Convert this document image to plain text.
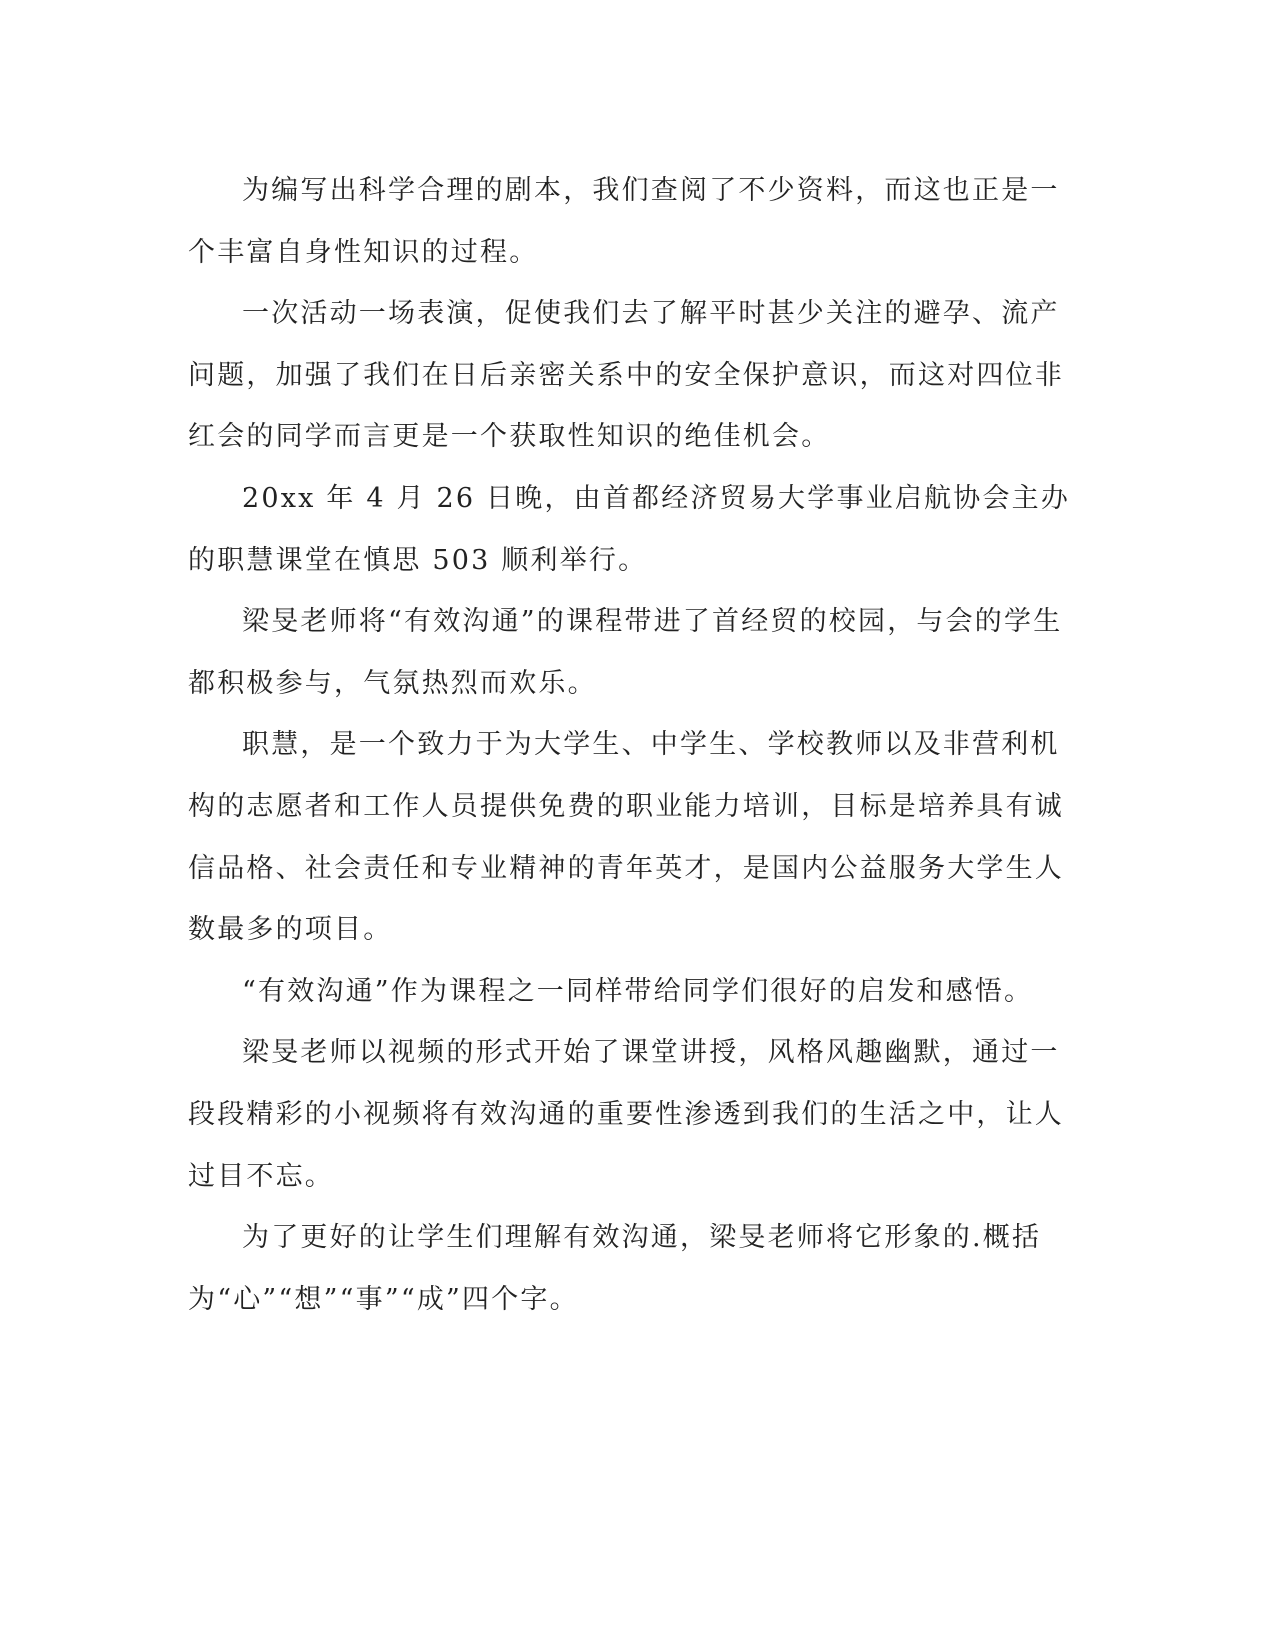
为编写出科学合理的剧本，我们查阅了不少资料，而这也正是一个丰富自身性知识的过程。

一次活动一场表演，促使我们去了解平时甚少关注的避孕、流产问题，加强了我们在日后亲密关系中的安全保护意识，而这对四位非红会的同学而言更是一个获取性知识的绝佳机会。

20xx 年 4 月 26 日晚，由首都经济贸易大学事业启航协会主办的职慧课堂在慎思 503 顺利举行。

梁旻老师将“有效沟通”的课程带进了首经贸的校园，与会的学生都积极参与，气氛热烈而欢乐。

职慧，是一个致力于为大学生、中学生、学校教师以及非营利机构的志愿者和工作人员提供免费的职业能力培训，目标是培养具有诚信品格、社会责任和专业精神的青年英才，是国内公益服务大学生人数最多的项目。

“有效沟通”作为课程之一同样带给同学们很好的启发和感悟。

梁旻老师以视频的形式开始了课堂讲授，风格风趣幽默，通过一段段精彩的小视频将有效沟通的重要性渗透到我们的生活之中，让人过目不忘。

为了更好的让学生们理解有效沟通，梁旻老师将它形象的.概括为“心”“想”“事”“成”四个字。
